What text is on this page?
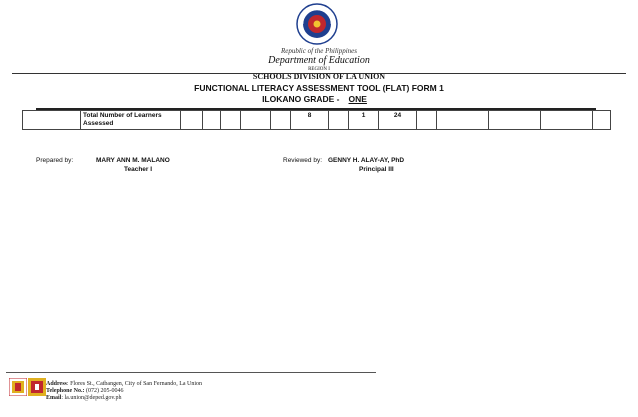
Republic of the Philippines
Department of Education
REGION I
SCHOOLS DIVISION OF LA UNION
FUNCTIONAL LITERACY ASSESSMENT TOOL (FLAT) FORM 1
ILOKANO GRADE - ONE
	Total Number of Learners Assessed						8		1	24					
Prepared by:	MARY ANN M. MALANO
Teacher I
Reviewed by: GENNY H. ALAY-AY, PhD
Principal III
Address: Flores St., Catbangen, City of San Fernando, La Union
Telephone No.: (072) 205-0046
Email: la.union@deped.gov.ph
